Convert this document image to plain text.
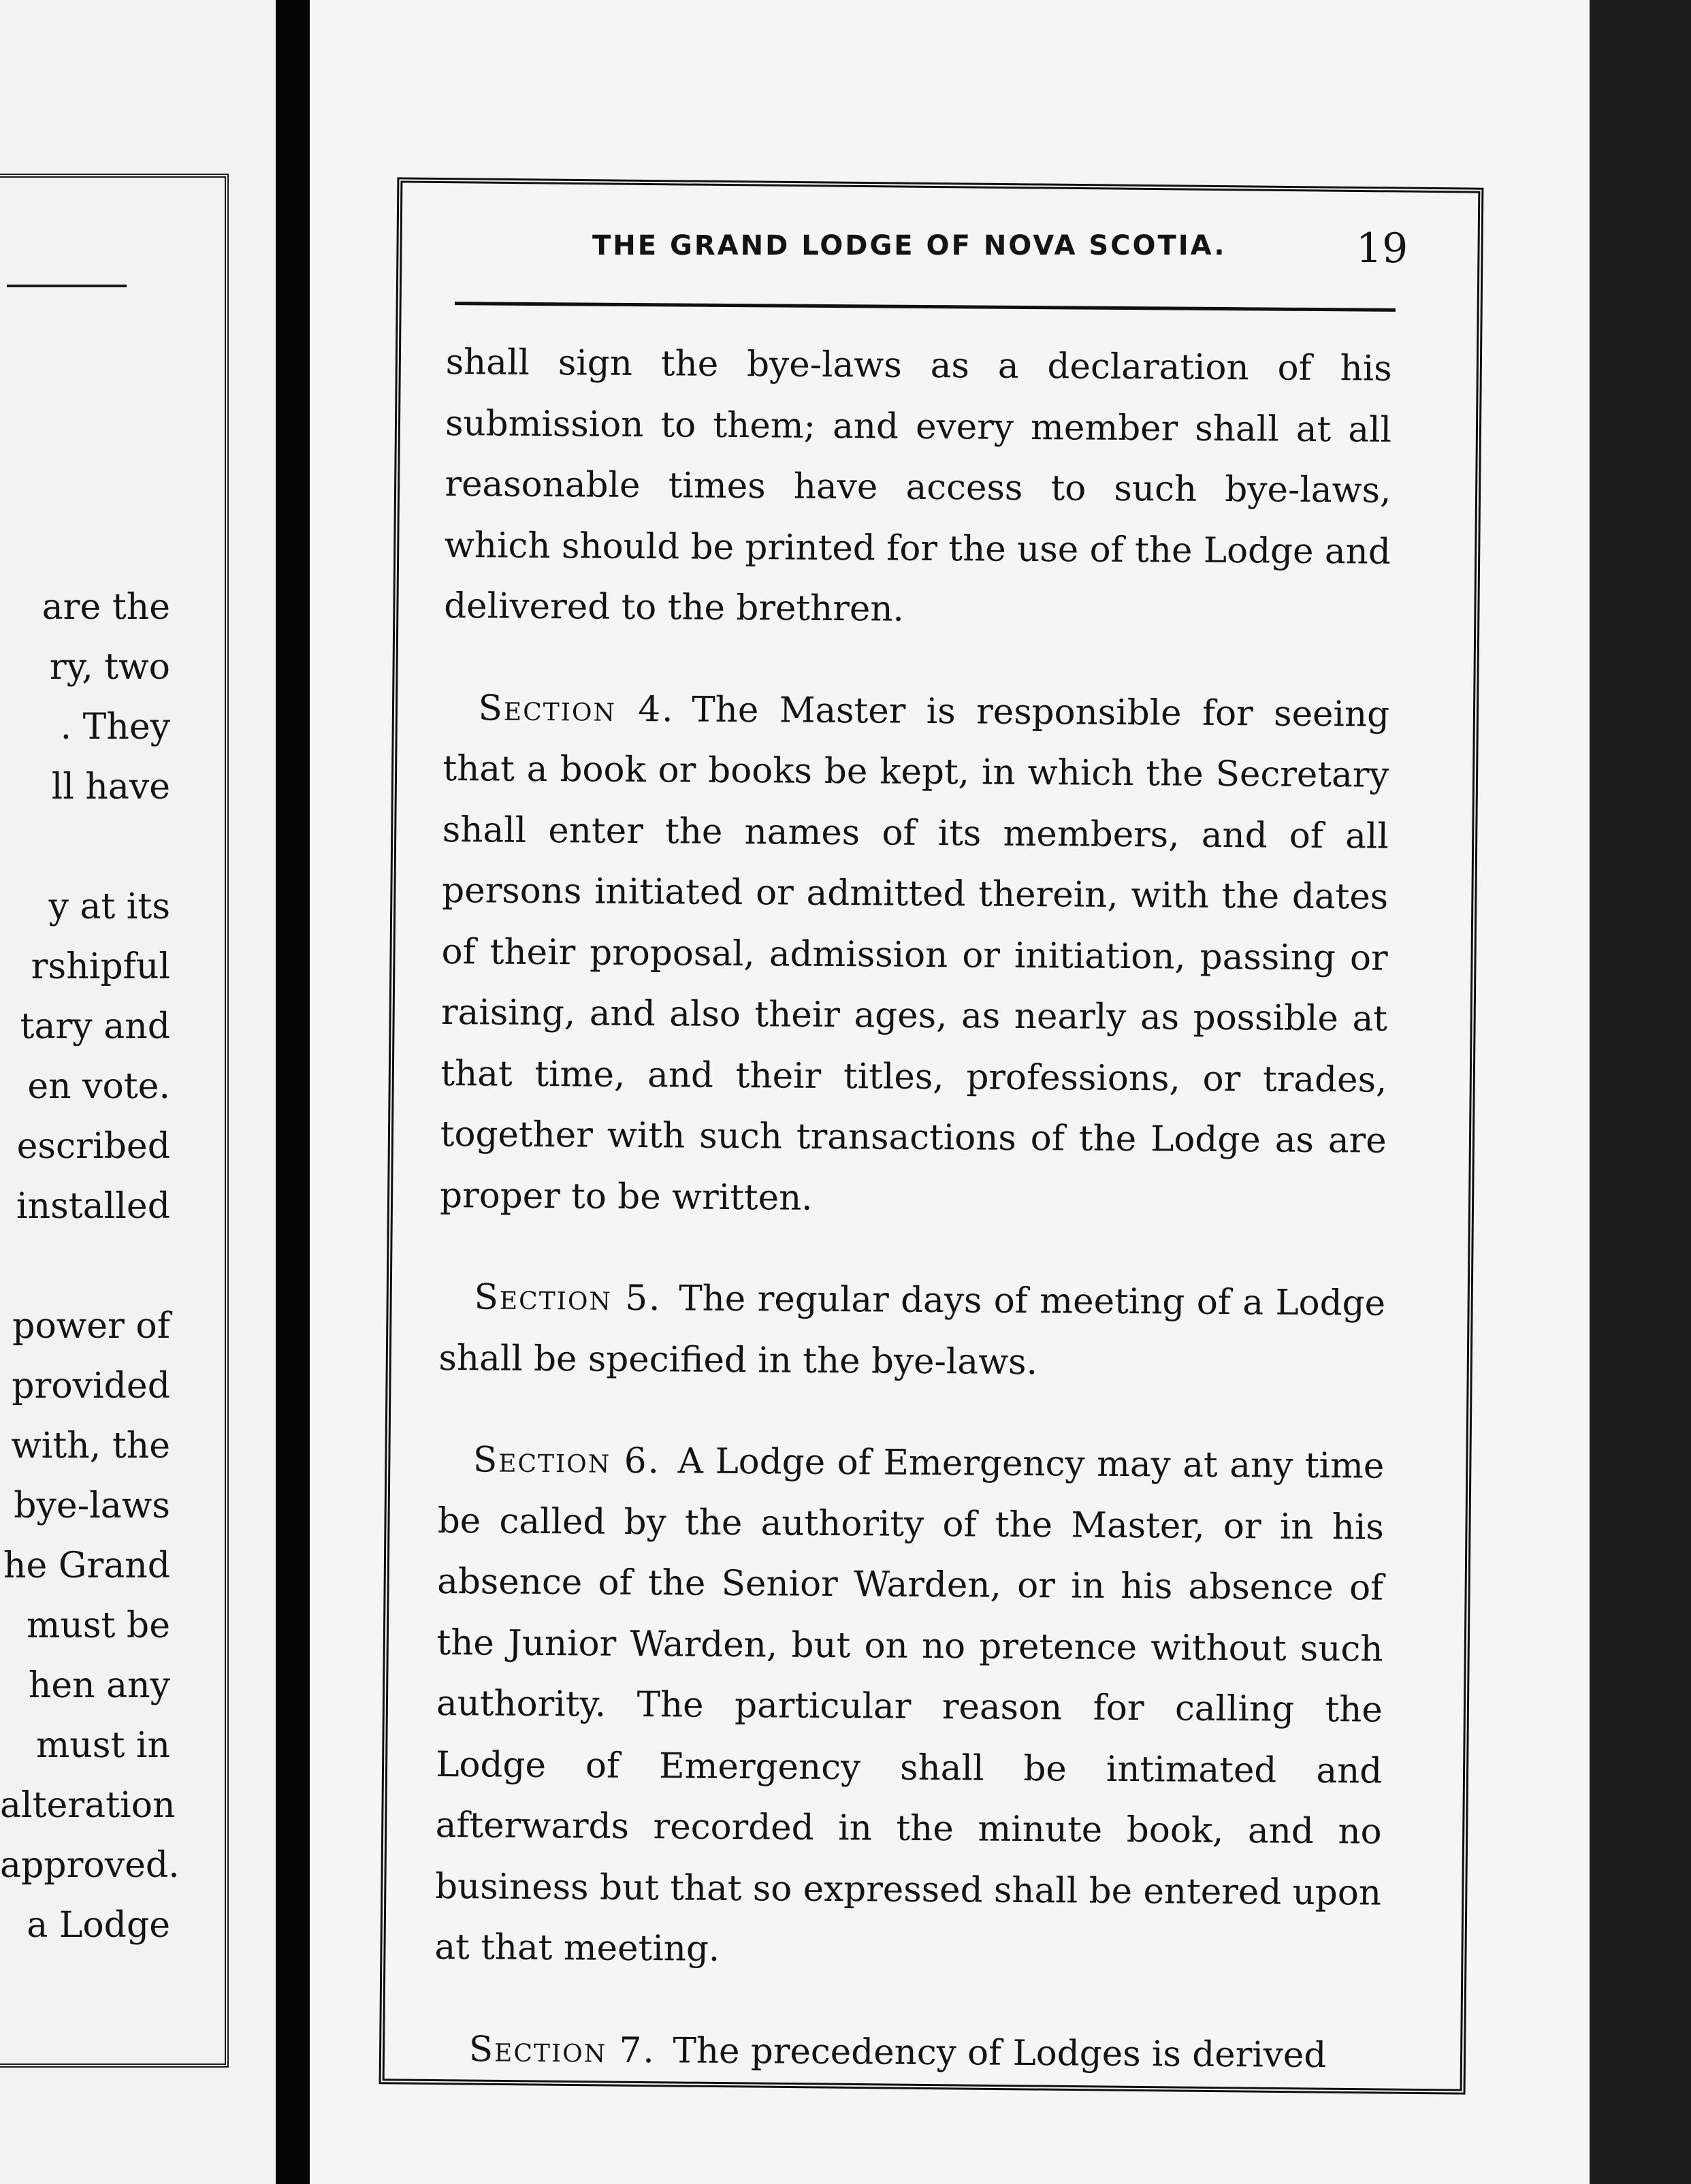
are the
ry, two
. They
ll have
y at its
rshipful
tary and
en vote.
escribed
installed
power of
provided
with, the
bye-laws
he Grand
must be
hen any
must in
alteration
approved.
a Lodge
THE GRAND LODGE OF NOVA SCOTIA.	19

shall sign the bye-laws as a declaration of his submission to them; and every member shall at all reasonable times have access to such bye-laws, which should be printed for the use of the Lodge and delivered to the brethren.

 Section 4.  The Master is responsible for seeing that a book or books be kept, in which the Secretary shall enter the names of its members, and of all persons initiated or admitted therein, with the dates of their proposal, admission or initiation, passing or raising, and also their ages, as nearly as possible at that time, and their titles, professions, or trades, together with such transactions of the Lodge as are proper to be written.

 Section 5.  The regular days of meeting of a Lodge shall be specified in the bye-laws.

 Section 6.  A Lodge of Emergency may at any time be called by the authority of the Master, or in his absence of the Senior Warden, or in his absence of the Junior Warden, but on no pretence without such authority. The particular reason for calling the Lodge of Emergency shall be intimated and afterwards recorded in the minute book, and no business but that so expressed shall be entered upon at that meeting.

 Section 7.  The precedency of Lodges is derived
